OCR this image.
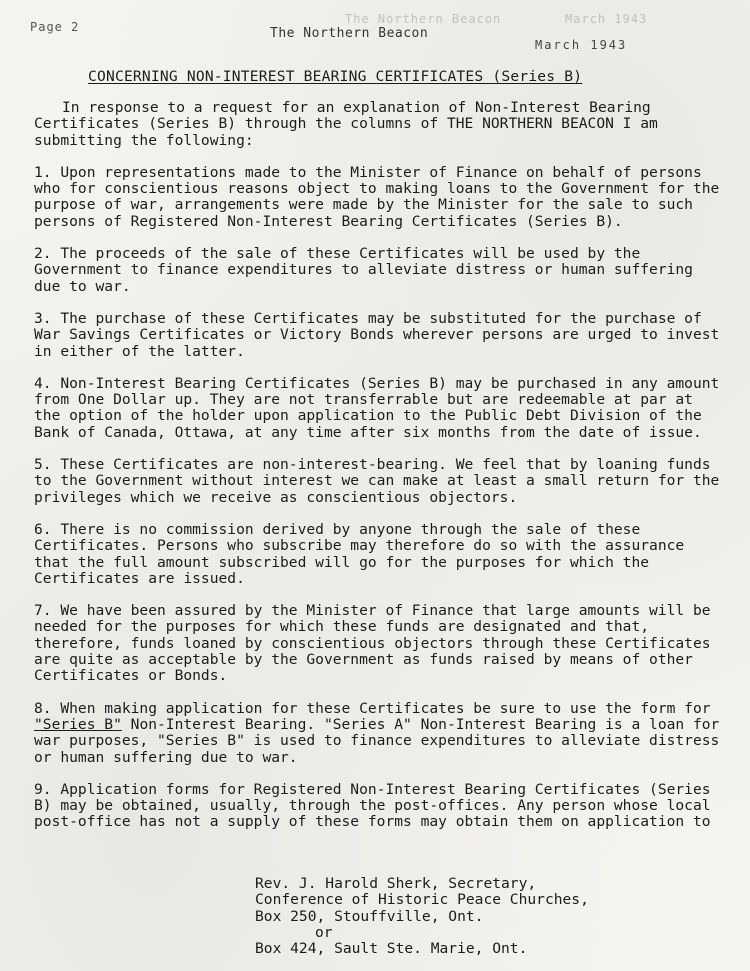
Page 2	The Northern Beacon
March 1943
The Northern Beacon	March 1943
CONCERNING NON-INTEREST BEARING CERTIFICATES (Series B)

In response to a request for an explanation of Non-Interest Bearing Certificates (Series B) through the columns of THE NORTHERN BEACON I am submitting the following:

1. Upon representations made to the Minister of Finance on behalf of persons who for conscientious reasons object to making loans to the Government for the purpose of war, arrangements were made by the Minister for the sale to such persons of Registered Non-Interest Bearing Certificates (Series B).

2. The proceeds of the sale of these Certificates will be used by the Government to finance expenditures to alleviate distress or human suffering due to war.

3. The purchase of these Certificates may be substituted for the purchase of War Savings Certificates or Victory Bonds wherever persons are urged to invest in either of the latter.

4. Non-Interest Bearing Certificates (Series B) may be purchased in any amount from One Dollar up. They are not transferrable but are redeemable at par at the option of the holder upon application to the Public Debt Division of the Bank of Canada, Ottawa, at any time after six months from the date of issue.

5. These Certificates are non-interest-bearing. We feel that by loaning funds to the Government without interest we can make at least a small return for the privileges which we receive as conscientious objectors.

6. There is no commission derived by anyone through the sale of these Certificates. Persons who subscribe may therefore do so with the assurance that the full amount subscribed will go for the purposes for which the Certificates are issued.

7. We have been assured by the Minister of Finance that large amounts will be needed for the purposes for which these funds are designated and that, therefore, funds loaned by conscientious objectors through these Certificates are quite as acceptable by the Government as funds raised by means of other Certificates or Bonds.

8. When making application for these Certificates be sure to use the form for "Series B" Non-Interest Bearing. "Series A" Non-Interest Bearing is a loan for war purposes, "Series B" is used to finance expenditures to alleviate distress or human suffering due to war.

9. Application forms for Registered Non-Interest Bearing Certificates (Series B) may be obtained, usually, through the post-offices. Any person whose local post-office has not a supply of these forms may obtain them on application to

Rev. J. Harold Sherk, Secretary,
Conference of Historic Peace Churches,
Box 250, Stouffville, Ont.
or
Box 424, Sault Ste. Marie, Ont.
